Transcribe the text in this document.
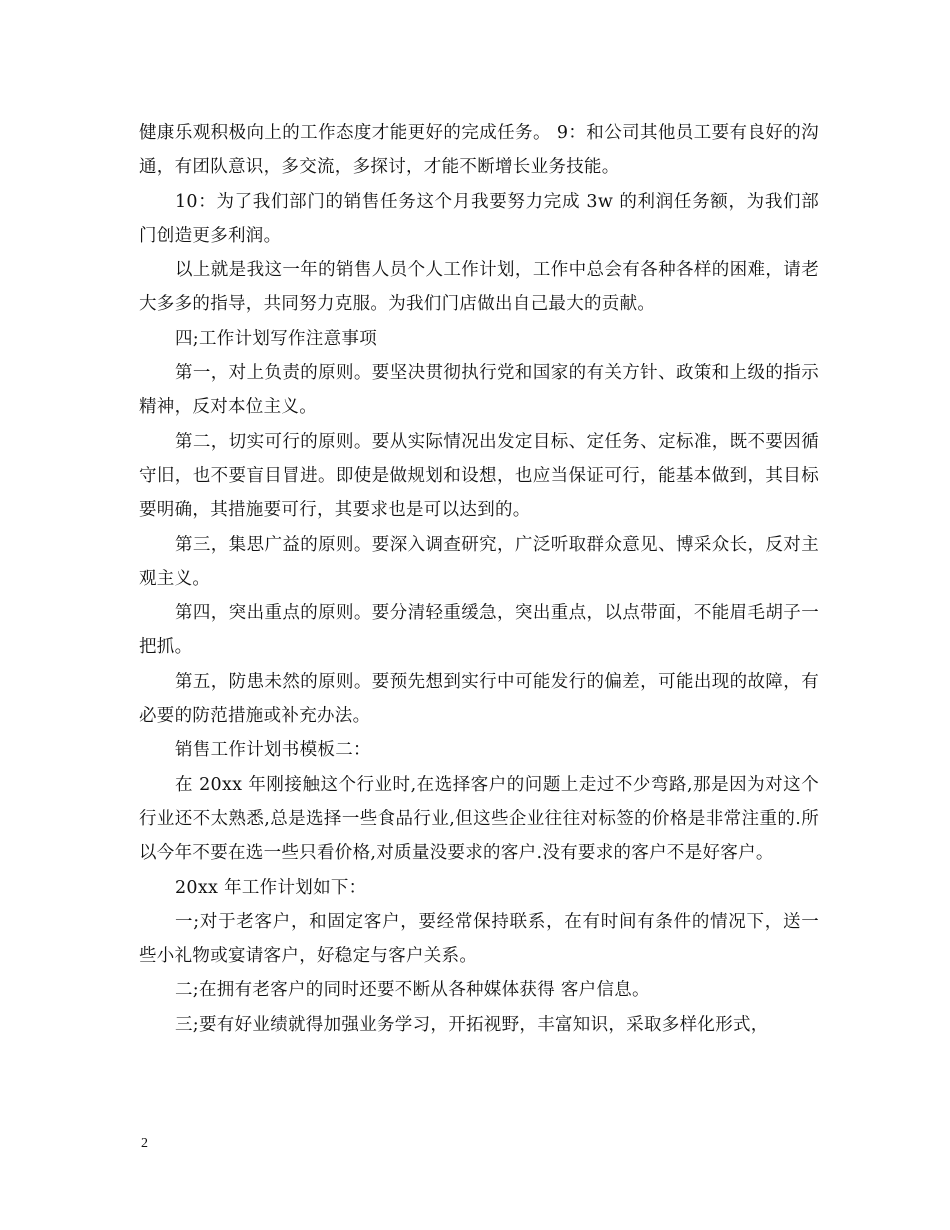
健康乐观积极向上的工作态度才能更好的完成任务。 9：和公司其他员工要有良好的沟通，有团队意识，多交流，多探讨，才能不断增长业务技能。

10：为了我们部门的销售任务这个月我要努力完成 3w 的利润任务额，为我们部门创造更多利润。

以上就是我这一年的销售人员个人工作计划，工作中总会有各种各样的困难，请老大多多的指导，共同努力克服。为我们门店做出自己最大的贡献。

四;工作计划写作注意事项

第一，对上负责的原则。要坚决贯彻执行党和国家的有关方针、政策和上级的指示精神，反对本位主义。

第二，切实可行的原则。要从实际情况出发定目标、定任务、定标准，既不要因循守旧，也不要盲目冒进。即使是做规划和设想，也应当保证可行，能基本做到，其目标要明确，其措施要可行，其要求也是可以达到的。

第三，集思广益的原则。要深入调查研究，广泛听取群众意见、博采众长，反对主观主义。

第四，突出重点的原则。要分清轻重缓急，突出重点，以点带面，不能眉毛胡子一把抓。

第五，防患未然的原则。要预先想到实行中可能发行的偏差，可能出现的故障，有必要的防范措施或补充办法。

销售工作计划书模板二：

在 20xx 年刚接触这个行业时,在选择客户的问题上走过不少弯路,那是因为对这个行业还不太熟悉,总是选择一些食品行业,但这些企业往往对标签的价格是非常注重的.所以今年不要在选一些只看价格,对质量没要求的客户.没有要求的客户不是好客户。

20xx 年工作计划如下：

一;对于老客户，和固定客户，要经常保持联系，在有时间有条件的情况下，送一些小礼物或宴请客户，好稳定与客户关系。

二;在拥有老客户的同时还要不断从各种媒体获得 客户信息。

三;要有好业绩就得加强业务学习，开拓视野，丰富知识，采取多样化形式，

2
